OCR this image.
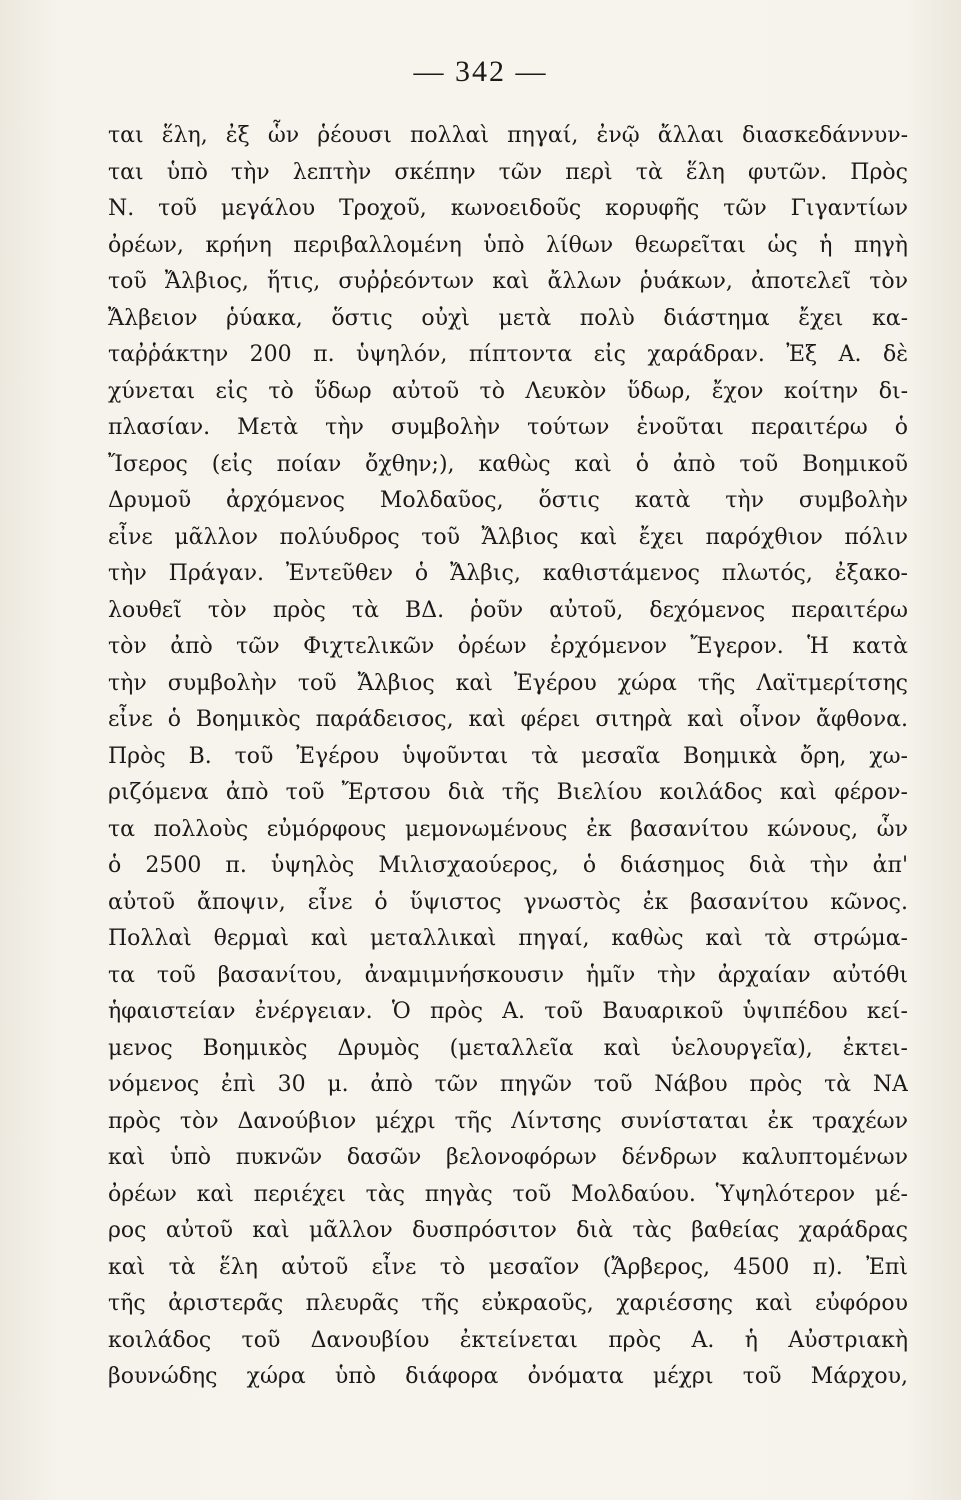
— 342 —
ται ἕλη, ἐξ ὧν ῥέουσι πολλαὶ πηγαί, ἐνῷ ἄλλαι διασκεδάννυν-
ται ὑπὸ τὴν λεπτὴν σκέπην τῶν περὶ τὰ ἕλη φυτῶν. Πρὸς
Ν. τοῦ μεγάλου Τροχοῦ, κωνοειδοῦς κορυφῆς τῶν Γιγαντίων
ὀρέων, κρήνη περιβαλλομένη ὑπὸ λίθων θεωρεῖται ὡς ἡ πηγὴ
τοῦ Ἄλβιος, ἥτις, συῤῥεόντων καὶ ἄλλων ῥυάκων, ἀποτελεῖ τὸν
Ἄλβειον ῥύακα, ὅστις οὐχὶ μετὰ πολὺ διάστημα ἔχει κα-
ταῤῥάκτην 200 π. ὑψηλόν, πίπτοντα εἰς χαράδραν. Ἐξ Α. δὲ
χύνεται εἰς τὸ ὕδωρ αὐτοῦ τὸ Λευκὸν ὕδωρ, ἔχον κοίτην δι-
πλασίαν. Μετὰ τὴν συμβολὴν τούτων ἑνοῦται περαιτέρω ὁ
Ἴσερος (εἰς ποίαν ὄχθην;), καθὼς καὶ ὁ ἀπὸ τοῦ Βοημικοῦ
Δρυμοῦ ἀρχόμενος Μολδαῦος, ὅστις κατὰ τὴν συμβολὴν
εἶνε μᾶλλον πολύυδρος τοῦ Ἄλβιος καὶ ἔχει παρόχθιον πόλιν
τὴν Πράγαν. Ἐντεῦθεν ὁ Ἄλβις, καθιστάμενος πλωτός, ἐξακο-
λουθεῖ τὸν πρὸς τὰ ΒΔ. ῥοῦν αὐτοῦ, δεχόμενος περαιτέρω
τὸν ἀπὸ τῶν Φιχτελικῶν ὀρέων ἐρχόμενον Ἔγερον. Ἡ κατὰ
τὴν συμβολὴν τοῦ Ἄλβιος καὶ Ἐγέρου χώρα τῆς Λαϊτμερίτσης
εἶνε ὁ Βοημικὸς παράδεισος, καὶ φέρει σιτηρὰ καὶ οἶνον ἄφθονα.
Πρὸς Β. τοῦ Ἐγέρου ὑψοῦνται τὰ μεσαῖα Βοημικὰ ὄρη, χω-
ριζόμενα ἀπὸ τοῦ Ἔρτσου διὰ τῆς Βιελίου κοιλάδος καὶ φέρον-
τα πολλοὺς εὐμόρφους μεμονωμένους ἐκ βασανίτου κώνους, ὧν
ὁ 2500 π. ὑψηλὸς Μιλισχαούερος, ὁ διάσημος διὰ τὴν ἀπ'
αὐτοῦ ἄποψιν, εἶνε ὁ ὕψιστος γνωστὸς ἐκ βασανίτου κῶνος.
Πολλαὶ θερμαὶ καὶ μεταλλικαὶ πηγαί, καθὼς καὶ τὰ στρώμα-
τα τοῦ βασανίτου, ἀναμιμνήσκουσιν ἡμῖν τὴν ἀρχαίαν αὐτόθι
ἡφαιστείαν ἐνέργειαν. Ὁ πρὸς Α. τοῦ Βαυαρικοῦ ὑψιπέδου κεί-
μενος Βοημικὸς Δρυμὸς (μεταλλεῖα καὶ ὑελουργεῖα), ἐκτει-
νόμενος ἐπὶ 30 μ. ἀπὸ τῶν πηγῶν τοῦ Νάβου πρὸς τὰ ΝΑ
πρὸς τὸν Δανούβιον μέχρι τῆς Λίντσης συνίσταται ἐκ τραχέων
καὶ ὑπὸ πυκνῶν δασῶν βελονοφόρων δένδρων καλυπτομένων
ὀρέων καὶ περιέχει τὰς πηγὰς τοῦ Μολδαύου. Ὑψηλότερον μέ-
ρος αὐτοῦ καὶ μᾶλλον δυσπρόσιτον διὰ τὰς βαθείας χαράδρας
καὶ τὰ ἕλη αὐτοῦ εἶνε τὸ μεσαῖον (Ἄρβερος, 4500 π). Ἐπὶ
τῆς ἀριστερᾶς πλευρᾶς τῆς εὐκραοῦς, χαριέσσης καὶ εὐφόρου
κοιλάδος τοῦ Δανουβίου ἐκτείνεται πρὸς Α. ἡ Αὐστριακὴ
βουνώδης χώρα ὑπὸ διάφορα ὀνόματα μέχρι τοῦ Μάρχου,
